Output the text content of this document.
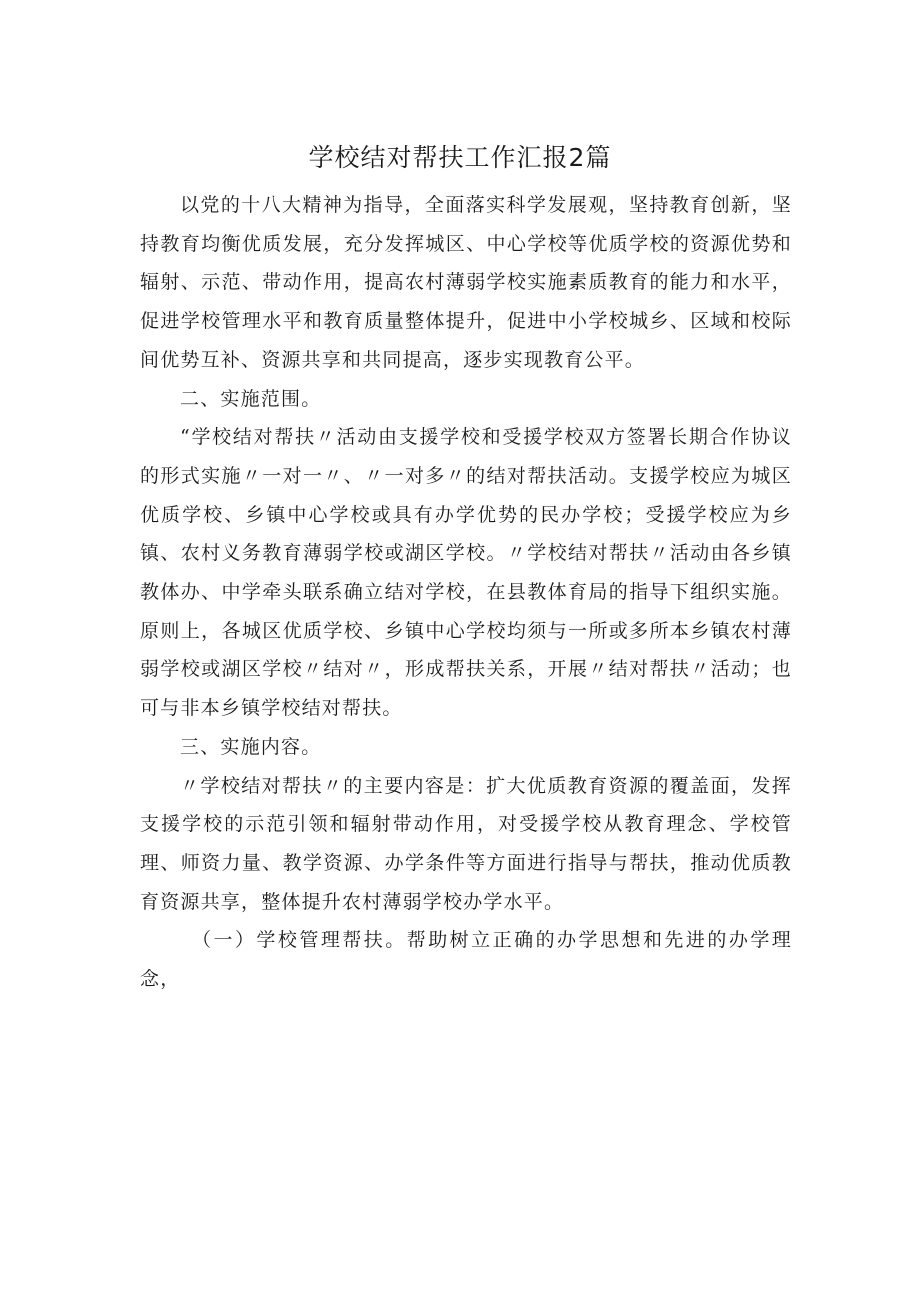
学校结对帮扶工作汇报2篇

以党的十八大精神为指导，全面落实科学发展观，坚持教育创新，坚持教育均衡优质发展，充分发挥城区、中心学校等优质学校的资源优势和辐射、示范、带动作用，提高农村薄弱学校实施素质教育的能力和水平，促进学校管理水平和教育质量整体提升，促进中小学校城乡、区域和校际间优势互补、资源共享和共同提高，逐步实现教育公平。

二、实施范围。

“学校结对帮扶〃活动由支援学校和受援学校双方签署长期合作协议的形式实施〃一对一〃、〃一对多〃的结对帮扶活动。支援学校应为城区优质学校、乡镇中心学校或具有办学优势的民办学校；受援学校应为乡镇、农村义务教育薄弱学校或湖区学校。〃学校结对帮扶〃活动由各乡镇教体办、中学牵头联系确立结对学校，在县教体育局的指导下组织实施。原则上，各城区优质学校、乡镇中心学校均须与一所或多所本乡镇农村薄弱学校或湖区学校〃结对〃，形成帮扶关系，开展〃结对帮扶〃活动；也可与非本乡镇学校结对帮扶。

三、实施内容。

〃学校结对帮扶〃的主要内容是：扩大优质教育资源的覆盖面，发挥支援学校的示范引领和辐射带动作用，对受援学校从教育理念、学校管理、师资力量、教学资源、办学条件等方面进行指导与帮扶，推动优质教育资源共享，整体提升农村薄弱学校办学水平。

（一）学校管理帮扶。帮助树立正确的办学思想和先进的办学理念，
